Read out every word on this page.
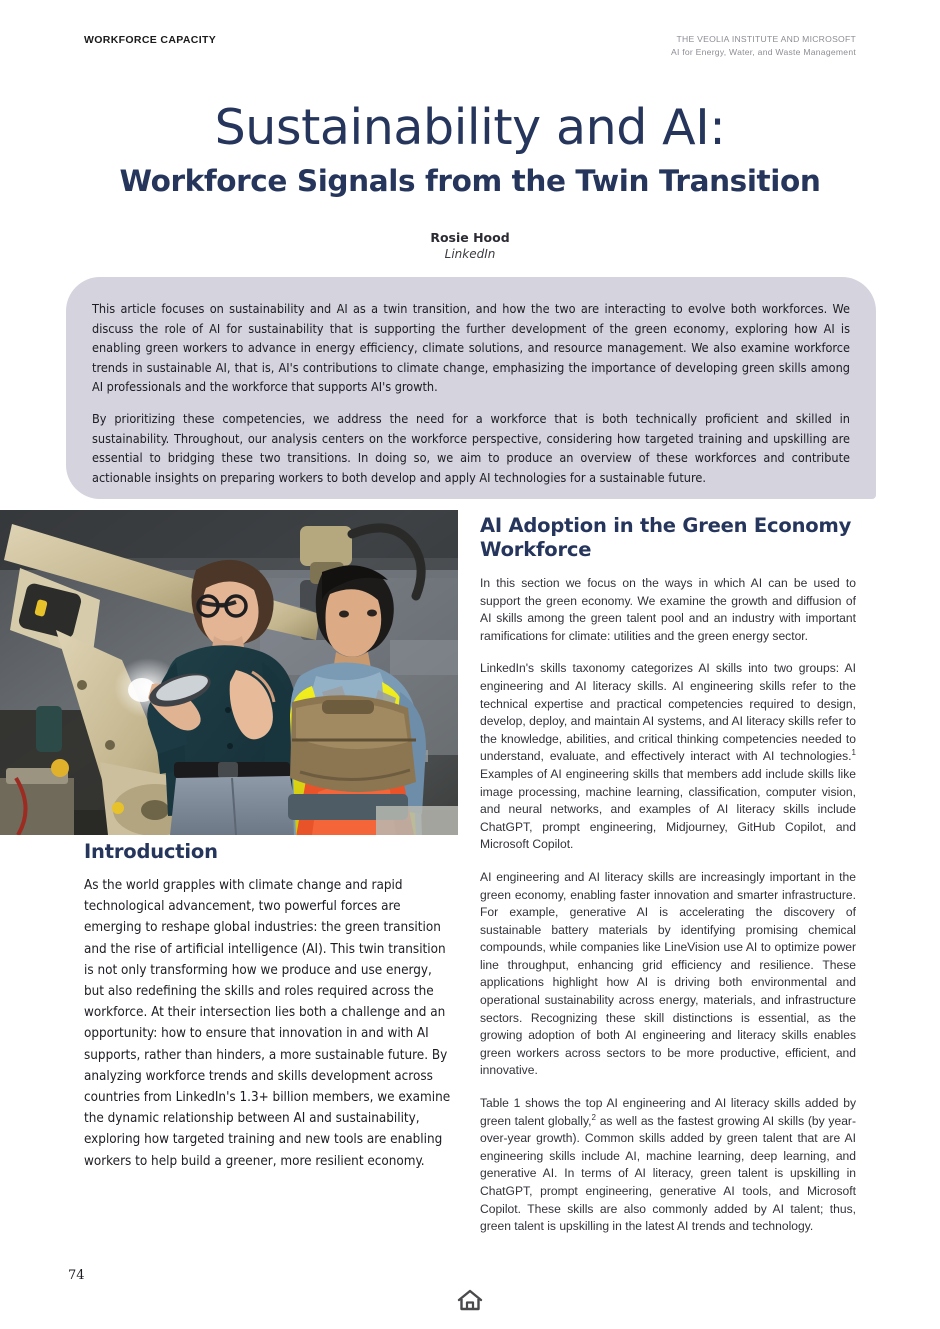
WORKFORCE CAPACITY	THE VEOLIA INSTITUTE AND MICROSOFT
AI for Energy, Water, and Waste Management
Sustainability and AI:
Workforce Signals from the Twin Transition
Rosie Hood
LinkedIn

This article focuses on sustainability and AI as a twin transition, and how the two are interacting to evolve both workforces. We discuss the role of AI for sustainability that is supporting the further development of the green economy, exploring how AI is enabling green workers to advance in energy efficiency, climate solutions, and resource management. We also examine workforce trends in sustainable AI, that is, AI's contributions to climate change, emphasizing the importance of developing green skills among AI professionals and the workforce that supports AI's growth.

By prioritizing these competencies, we address the need for a workforce that is both technically proficient and skilled in sustainability. Throughout, our analysis centers on the workforce perspective, considering how targeted training and upskilling are essential to bridging these two transitions. In doing so, we aim to produce an overview of these workforces and contribute actionable insights on preparing workers to both develop and apply AI technologies for a sustainable future.

Introduction

As the world grapples with climate change and rapid technological advancement, two powerful forces are emerging to reshape global industries: the green transition and the rise of artificial intelligence (AI). This twin transition is not only transforming how we produce and use energy, but also redefining the skills and roles required across the workforce. At their intersection lies both a challenge and an opportunity: how to ensure that innovation in and with AI supports, rather than hinders, a more sustainable future. By analyzing workforce trends and skills development across countries from LinkedIn's 1.3+ billion members, we examine the dynamic relationship between AI and sustainability, exploring how targeted training and new tools are enabling workers to help build a greener, more resilient economy.

AI Adoption in the Green Economy Workforce

In this section we focus on the ways in which AI can be used to support the green economy. We examine the growth and diffusion of AI skills among the green talent pool and an industry with important ramifications for climate: utilities and the green energy sector.

LinkedIn's skills taxonomy categorizes AI skills into two groups: AI engineering and AI literacy skills. AI engineering skills refer to the technical expertise and practical competencies required to design, develop, deploy, and maintain AI systems, and AI literacy skills refer to the knowledge, abilities, and critical thinking competencies needed to understand, evaluate, and effectively interact with AI technologies.$^1$ Examples of AI engineering skills that members add include skills like image processing, machine learning, classification, computer vision, and neural networks, and examples of AI literacy skills include ChatGPT, prompt engineering, Midjourney, GitHub Copilot, and Microsoft Copilot.

AI engineering and AI literacy skills are increasingly important in the green economy, enabling faster innovation and smarter infrastructure. For example, generative AI is accelerating the discovery of sustainable battery materials by identifying promising chemical compounds, while companies like LineVision use AI to optimize power line throughput, enhancing grid efficiency and resilience. These applications highlight how AI is driving both environmental and operational sustainability across energy, materials, and infrastructure sectors. Recognizing these skill distinctions is essential, as the growing adoption of both AI engineering and literacy skills enables green workers across sectors to be more productive, efficient, and innovative.

Table 1 shows the top AI engineering and AI literacy skills added by green talent globally,$^2$ as well as the fastest growing AI skills (by year-over-year growth). Common skills added by green talent that are AI engineering skills include AI, machine learning, deep learning, and generative AI. In terms of AI literacy, green talent is upskilling in ChatGPT, prompt engineering, generative AI tools, and Microsoft Copilot. These skills are also commonly added by AI talent; thus, green talent is upskilling in the latest AI trends and technology.

74
